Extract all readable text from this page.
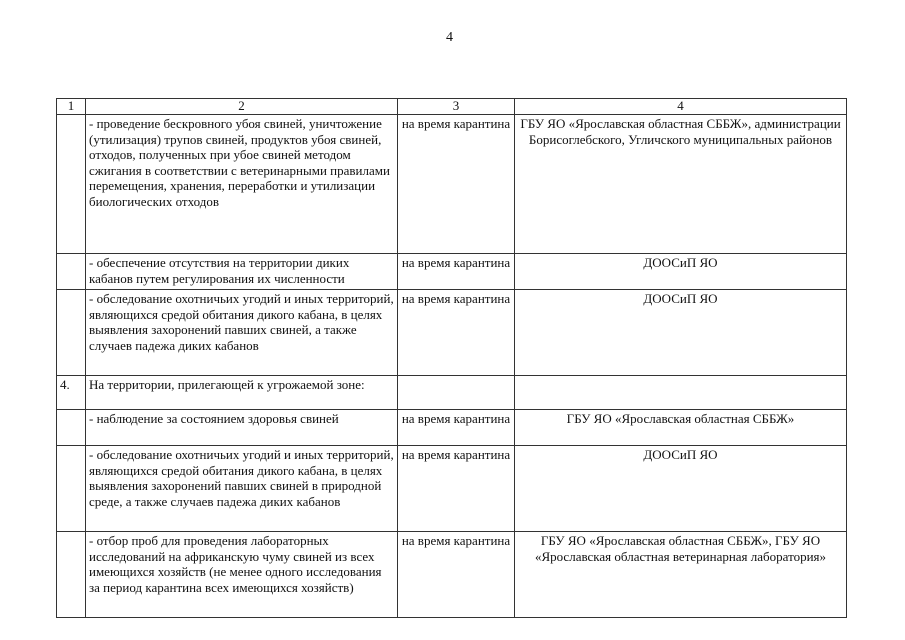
4
1	2	3	4
	- проведение бескровного убоя свиней, уничтожение (утилизация) трупов свиней, продуктов убоя свиней, отходов, полученных при убое свиней методом сжигания в соответствии с ветеринарными правилами перемещения, хранения, переработки и утилизации биологических отходов	на время карантина	ГБУ ЯО «Ярославская областная СББЖ», администрации Борисоглебского, Угличского муниципальных районов
	- обеспечение отсутствия на территории диких кабанов путем регулирования их численности	на время карантина	ДООСиП ЯО
	- обследование охотничьих угодий и иных территорий, являющихся средой обитания дикого кабана, в целях выявления захоронений павших свиней, а также случаев падежа диких кабанов	на время карантина	ДООСиП ЯО
4.	На территории, прилегающей к угрожаемой зоне:		
	- наблюдение за состоянием здоровья свиней	на время карантина	ГБУ ЯО «Ярославская областная СББЖ»
	- обследование охотничьих угодий и иных территорий, являющихся средой обитания дикого кабана, в целях выявления захоронений павших свиней в природной среде, а также случаев падежа диких кабанов	на время карантина	ДООСиП ЯО
	- отбор проб для проведения лабораторных исследований на африканскую чуму свиней из всех имеющихся хозяйств (не менее одного исследования за период карантина всех имеющихся хозяйств)	на время карантина	ГБУ ЯО «Ярославская областная СББЖ», ГБУ ЯО «Ярославская областная ветеринарная лаборатория»
